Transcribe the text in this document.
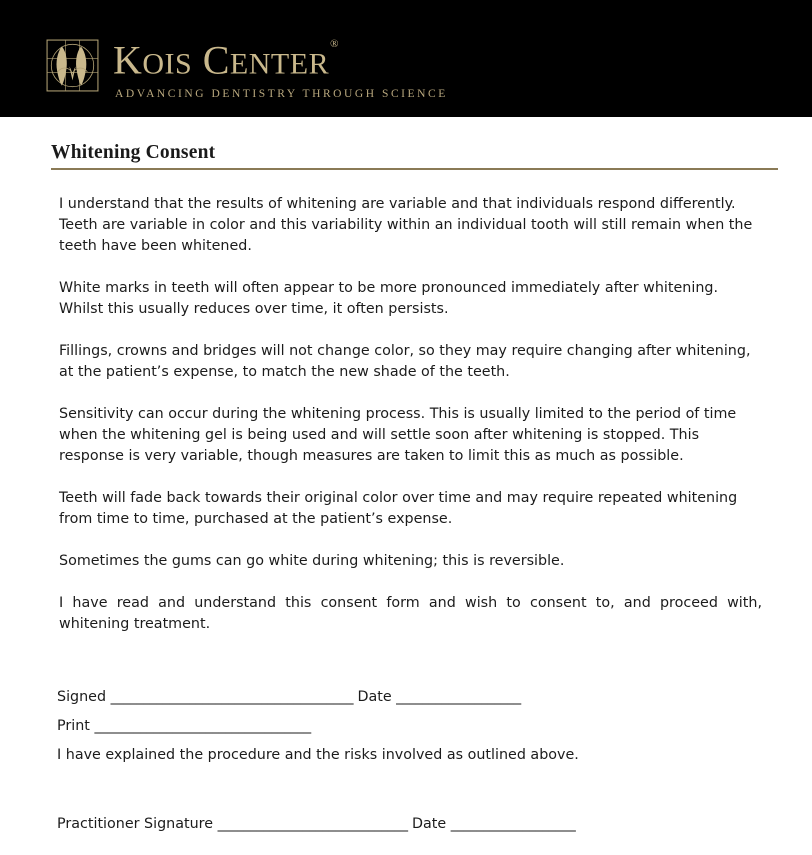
KOIS CENTER®
ADVANCING DENTISTRY THROUGH SCIENCE
Whitening Consent

I understand that the results of whitening are variable and that individuals respond differently. Teeth are variable in color and this variability within an individual tooth will still remain when the teeth have been whitened.

White marks in teeth will often appear to be more pronounced immediately after whitening. Whilst this usually reduces over time, it often persists.

Fillings, crowns and bridges will not change color, so they may require changing after whitening, at the patient’s expense, to match the new shade of the teeth.

Sensitivity can occur during the whitening process. This is usually limited to the period of time when the whitening gel is being used and will settle soon after whitening is stopped. This response is very variable, though measures are taken to limit this as much as possible.

Teeth will fade back towards their original color over time and may require repeated whitening from time to time, purchased at the patient’s expense.

Sometimes the gums can go white during whitening; this is reversible.

I have read and understand this consent form and wish to consent to, and proceed with, whitening treatment.

Signed _____________________________________ Date ___________________
Print _________________________________
I have explained the procedure and the risks involved as outlined above.
Practitioner Signature _____________________________ Date ___________________
